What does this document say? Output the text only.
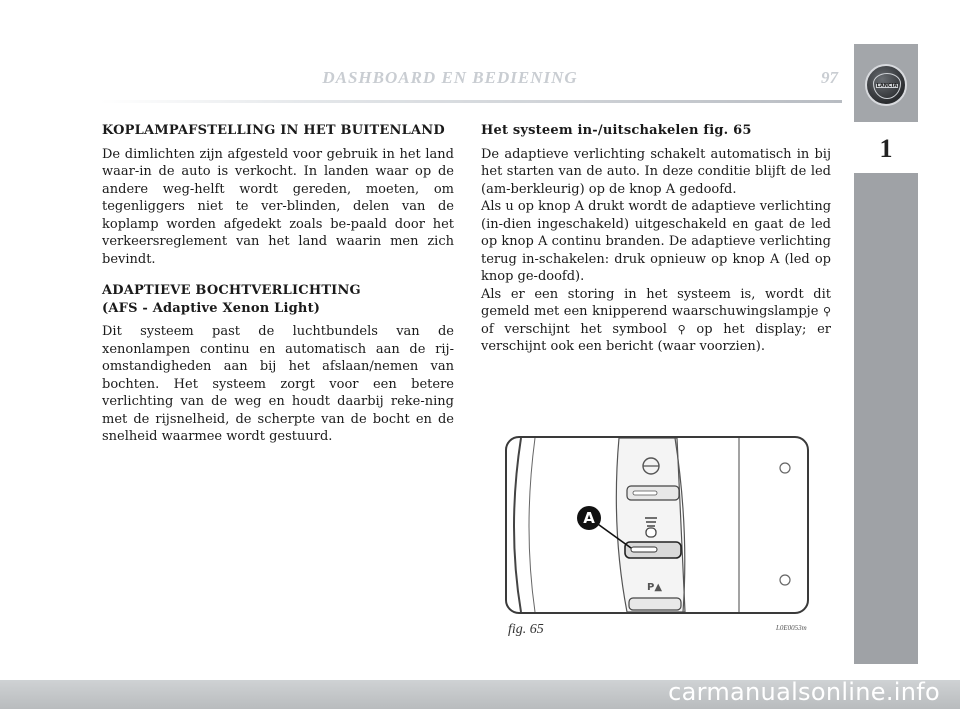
DASHBOARD EN BEDIENING	97	LANCIA
1
KOPLAMPAFSTELLING IN HET BUITENLAND

De dimlichten zijn afgesteld voor gebruik in het land waar-in de auto is verkocht. In landen waar op de andere weg-helft wordt gereden, moeten, om tegenliggers niet te ver-blinden, delen van de koplamp worden afgedekt zoals be-paald door het verkeersreglement van het land waarin men zich bevindt.

ADAPTIEVE BOCHTVERLICHTING
(AFS - Adaptive Xenon Light)

Dit systeem past de luchtbundels van de xenonlampen continu en automatisch aan de rij-omstandigheden aan bij het afslaan/nemen van bochten. Het systeem zorgt voor een betere verlichting van de weg en houdt daarbij reke-ning met de rijsnelheid, de scherpte van de bocht en de snelheid waarmee wordt gestuurd.

Het systeem in-/uitschakelen fig. 65

De adaptieve verlichting schakelt automatisch in bij het starten van de auto. In deze conditie blijft de led (am-berkleurig) op de knop A gedoofd.

Als u op knop A drukt wordt de adaptieve verlichting (in-dien ingeschakeld) uitgeschakeld en gaat de led op knop A continu branden. De adaptieve verlichting terug in-schakelen: druk opnieuw op knop A (led op knop ge-doofd).

Als er een storing in het systeem is, wordt dit gemeld met een knipperend waarschuwingslampje ⚲ of verschijnt het symbool ⚲ op het display; er verschijnt ook een bericht (waar voorzien).

P▲
A
fig. 65	L0E0053m
carmanualsonline.info
